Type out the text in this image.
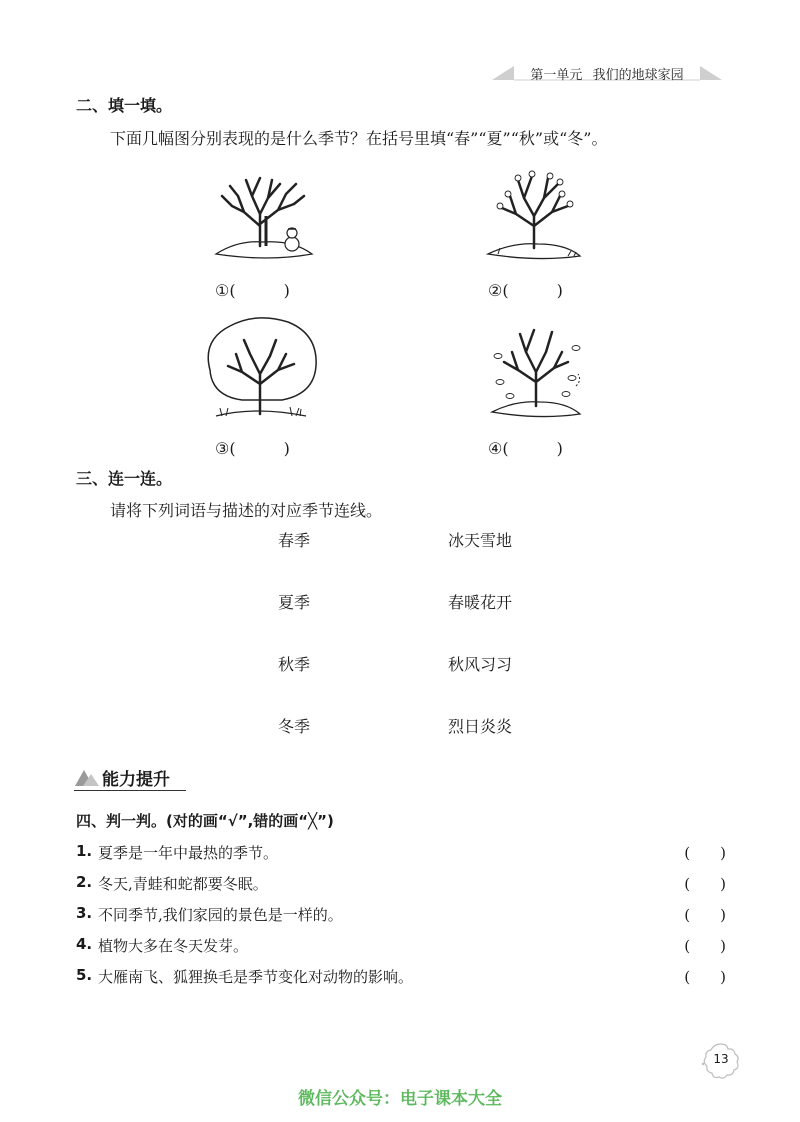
第一单元 我们的地球家园
二、填一填。
下面几幅图分别表现的是什么季节？在括号里填“春”“夏”“秋”或“冬”。
①(　　　)	②(　　　)
③(　　　)	④(　　　)
三、连一连。
请将下列词语与描述的对应季节连线。
春季
夏季
秋季
冬季
冰天雪地
春暖花开
秋风习习
烈日炎炎
能力提升
四、判一判。(对的画“√”,错的画“╳”)
1. 夏季是一年中最热的季节。	(　　)
2. 冬天,青蛙和蛇都要冬眠。	(　　)
3. 不同季节,我们家园的景色是一样的。	(　　)
4. 植物大多在冬天发芽。	(　　)
5. 大雁南飞、狐狸换毛是季节变化对动物的影响。	(　　)
13
微信公众号：电子课本大全
